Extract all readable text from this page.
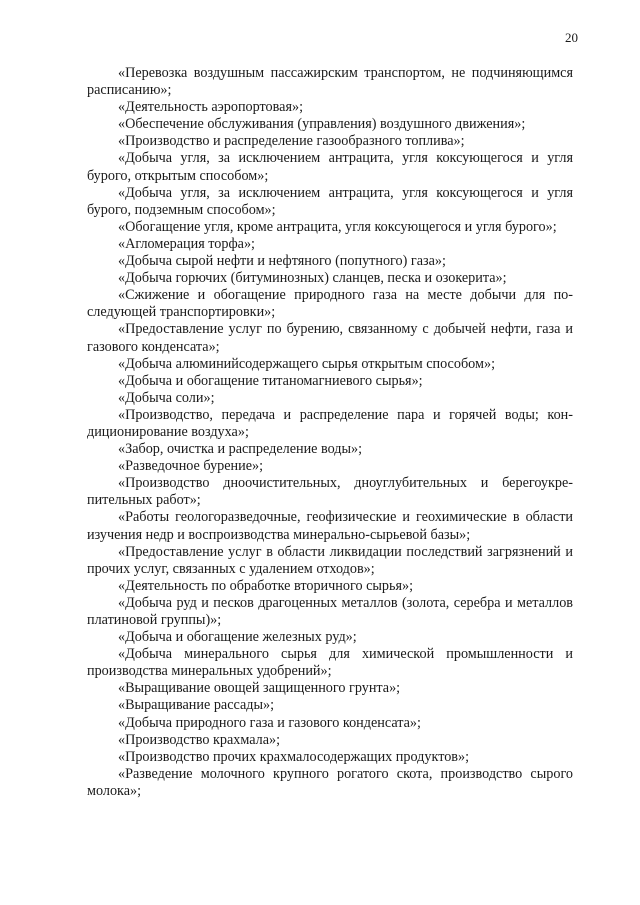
20

«Перевозка воздушным пассажирским транспортом, не подчиняющимся расписанию»;

«Деятельность аэропортовая»;

«Обеспечение обслуживания (управления) воздушного движения»;

«Производство и распределение газообразного топлива»;

«Добыча угля, за исключением антрацита, угля коксующегося и угля бурого, открытым способом»;

«Добыча угля, за исключением антрацита, угля коксующегося и угля бурого, подземным способом»;

«Обогащение угля, кроме антрацита, угля коксующегося и угля бурого»;

«Агломерация торфа»;

«Добыча сырой нефти и нефтяного (попутного) газа»;

«Добыча горючих (битуминозных) сланцев, песка и озокерита»;

«Сжижение и обогащение природного газа на месте добычи для последующей транспортировки»;

«Предоставление услуг по бурению, связанному с добычей нефти, газа и газового конденсата»;

«Добыча алюминийсодержащего сырья открытым способом»;

«Добыча и обогащение титаномагниевого сырья»;

«Добыча соли»;

«Производство, передача и распределение пара и горячей воды; кондиционирование воздуха»;

«Забор, очистка и распределение воды»;

«Разведочное бурение»;

«Производство дноочистительных, дноуглубительных и берегоукрепительных работ»;

«Работы геологоразведочные, геофизические и геохимические в области изучения недр и воспроизводства минерально-сырьевой базы»;

«Предоставление услуг в области ликвидации последствий загрязнений и прочих услуг, связанных с удалением отходов»;

«Деятельность по обработке вторичного сырья»;

«Добыча руд и песков драгоценных металлов (золота, серебра и металлов платиновой группы)»;

«Добыча и обогащение железных руд»;

«Добыча минерального сырья для химической промышленности и производства минеральных удобрений»;

«Выращивание овощей защищенного грунта»;

«Выращивание рассады»;

«Добыча природного газа и газового конденсата»;

«Производство крахмала»;

«Производство прочих крахмалосодержащих продуктов»;

«Разведение молочного крупного рогатого скота, производство сырого молока»;
